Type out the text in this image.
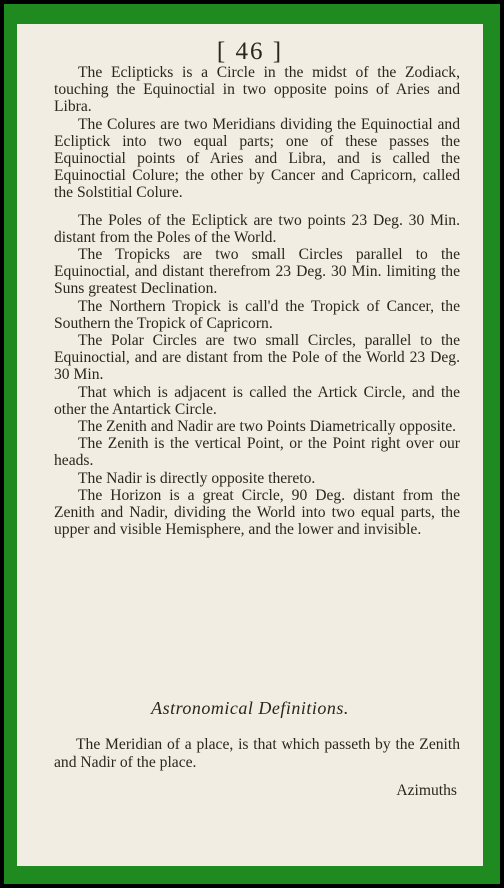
[ 46 ]

The Eclipticks is a Circle in the midst of the Zodiack, touching the Equinoctial in two opposite poins of Aries and Libra.

The Colures are two Meridians dividing the Equinoctial and Ecliptick into two equal parts; one of these passes the Equinoctial points of Aries and Libra, and is called the Equinoctial Colure; the other by Cancer and Capricorn, called the Solstitial Colure.

The Poles of the Ecliptick are two points 23 Deg. 30 Min. distant from the Poles of the World.

The Tropicks are two small Circles parallel to the Equinoctial, and distant therefrom 23 Deg. 30 Min. limiting the Suns greatest Declination.

The Northern Tropick is call'd the Tropick of Cancer, the Southern the Tropick of Capricorn.

The Polar Circles are two small Circles, parallel to the Equinoctial, and are distant from the Pole of the World 23 Deg. 30 Min.

That which is adjacent is called the Artick Circle, and the other the Antartick Circle.

The Zenith and Nadir are two Points Diametrically opposite.

The Zenith is the vertical Point, or the Point right over our heads.

The Nadir is directly opposite thereto.

The Horizon is a great Circle, 90 Deg. distant from the Zenith and Nadir, dividing the World into two equal parts, the upper and visible Hemisphere, and the lower and invisible.

Astronomical Definitions.

The Meridian of a place, is that which passeth by the Zenith and Nadir of the place.

Azimuths
